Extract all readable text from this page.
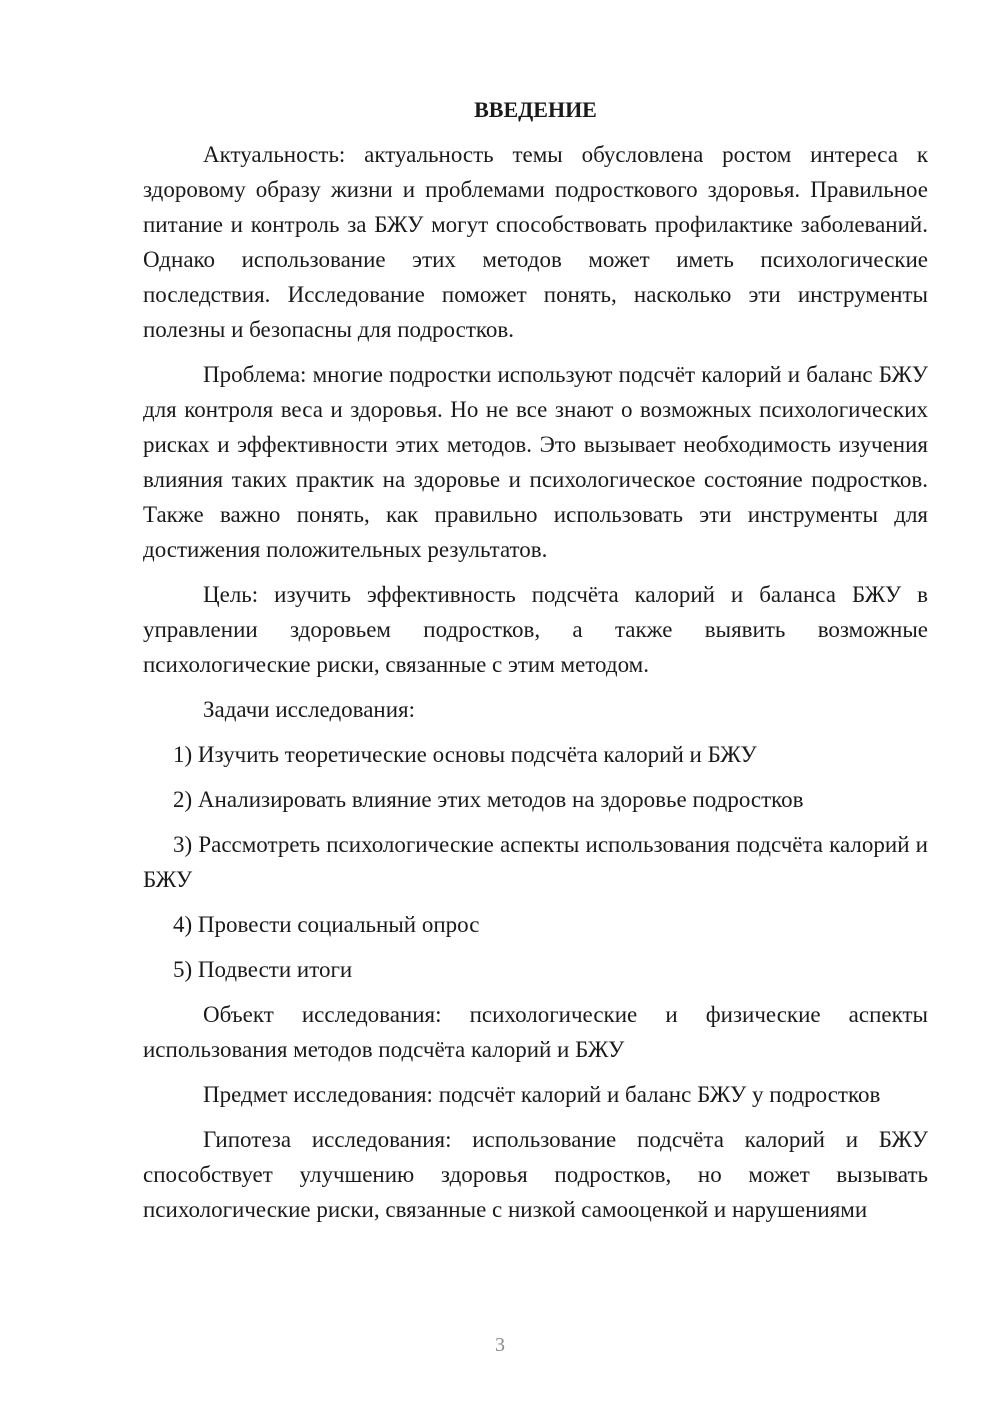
ВВЕДЕНИЕ

Актуальность: актуальность темы обусловлена ростом интереса к здоровому образу жизни и проблемами подросткового здоровья. Правильное питание и контроль за БЖУ могут способствовать профилактике заболеваний. Однако использование этих методов может иметь психологические последствия. Исследование поможет понять, насколько эти инструменты полезны и безопасны для подростков.

Проблема: многие подростки используют подсчёт калорий и баланс БЖУ для контроля веса и здоровья. Но не все знают о возможных психологических рисках и эффективности этих методов. Это вызывает необходимость изучения влияния таких практик на здоровье и психологическое состояние подростков. Также важно понять, как правильно использовать эти инструменты для достижения положительных результатов.

Цель: изучить эффективность подсчёта калорий и баланса БЖУ в управлении здоровьем подростков, а также выявить возможные психологические риски, связанные с этим методом.

Задачи исследования:

1) Изучить теоретические основы подсчёта калорий и БЖУ

2) Анализировать влияние этих методов на здоровье подростков

3) Рассмотреть психологические аспекты использования подсчёта калорий и БЖУ

4) Провести социальный опрос

5) Подвести итоги

Объект исследования: психологические и физические аспекты использования методов подсчёта калорий и БЖУ

Предмет исследования: подсчёт калорий и баланс БЖУ у подростков

Гипотеза исследования: использование подсчёта калорий и БЖУ способствует улучшению здоровья подростков, но может вызывать психологические риски, связанные с низкой самооценкой и нарушениями

3
